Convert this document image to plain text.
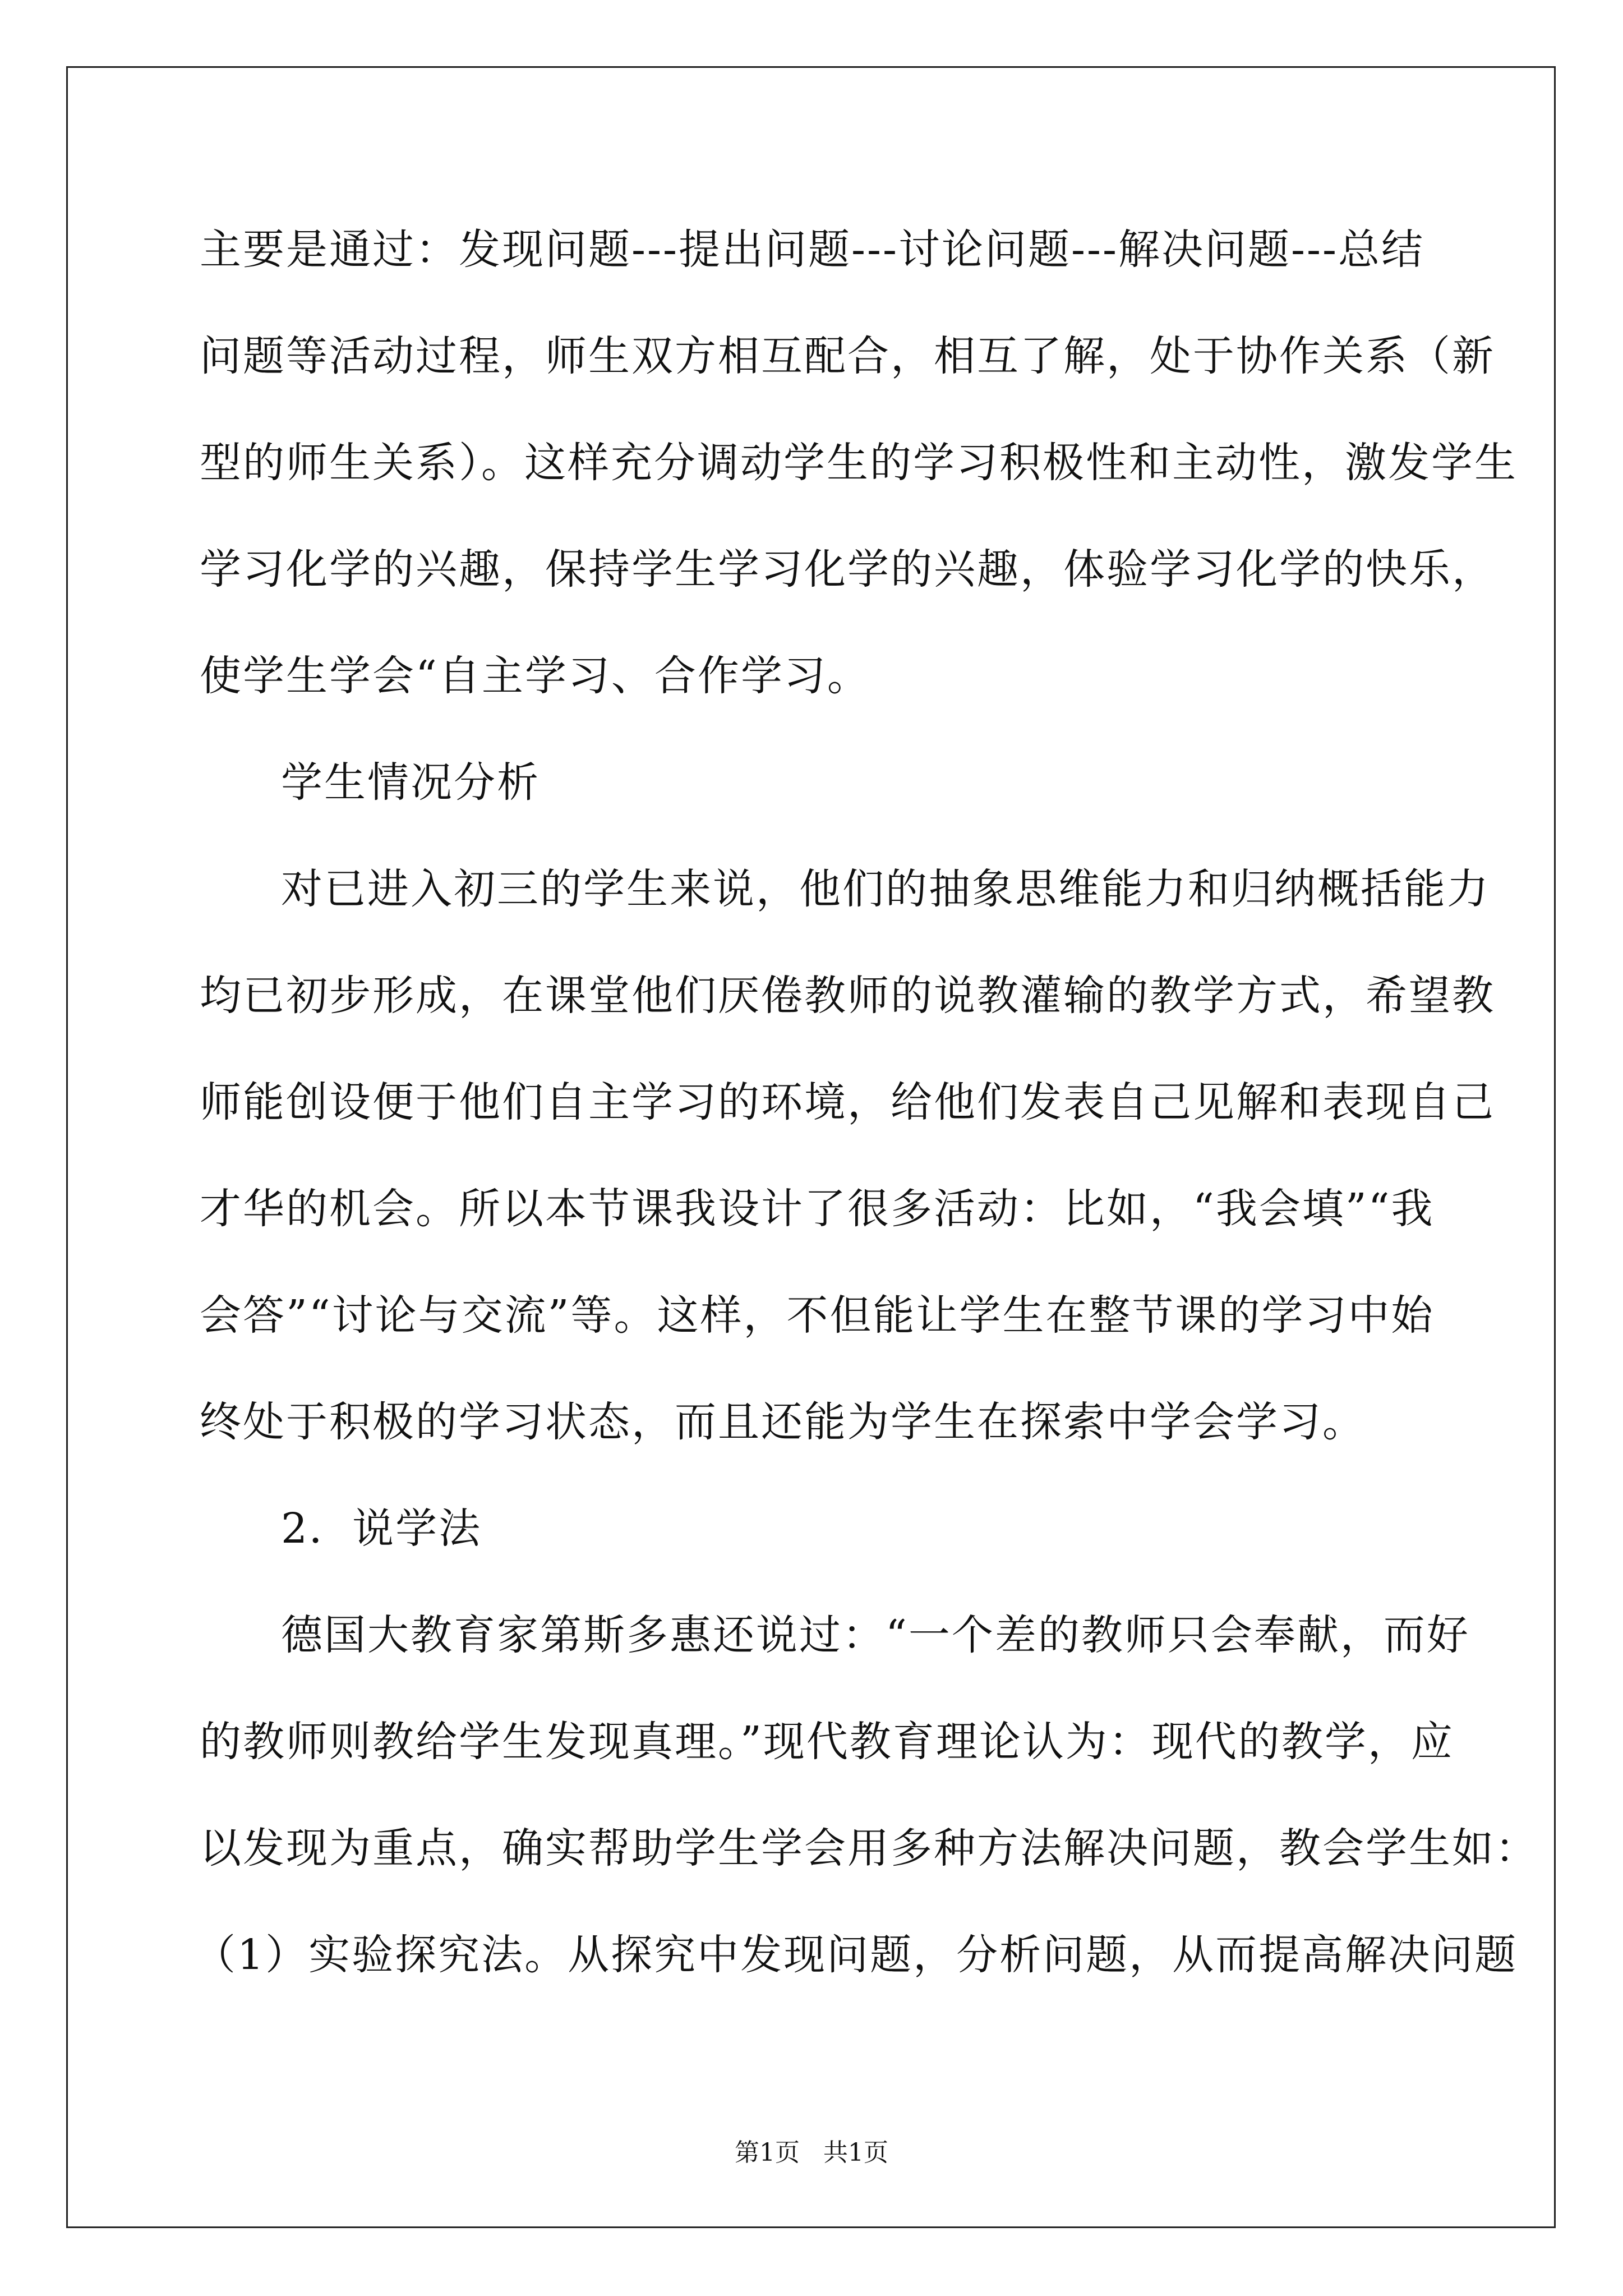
主要是通过：发现问题---提出问题---讨论问题---解决问题---总结
问题等活动过程，师生双方相互配合，相互了解，处于协作关系（新
型的师生关系）。这样充分调动学生的学习积极性和主动性，激发学生
学习化学的兴趣，保持学生学习化学的兴趣，体验学习化学的快乐，
使学生学会“自主学习、合作学习。
学生情况分析
对已进入初三的学生来说，他们的抽象思维能力和归纳概括能力
均已初步形成，在课堂他们厌倦教师的说教灌输的教学方式，希望教
师能创设便于他们自主学习的环境，给他们发表自己见解和表现自己
才华的机会。所以本节课我设计了很多活动：比如，“我会填”“我
会答”“讨论与交流”等。这样，不但能让学生在整节课的学习中始
终处于积极的学习状态，而且还能为学生在探索中学会学习。
2．说学法
德国大教育家第斯多惠还说过：“一个差的教师只会奉献，而好
的教师则教给学生发现真理。”现代教育理论认为：现代的教学，应
以发现为重点，确实帮助学生学会用多种方法解决问题，教会学生如：
（1）实验探究法。从探究中发现问题，分析问题，从而提高解决问题
第1页   共1页
